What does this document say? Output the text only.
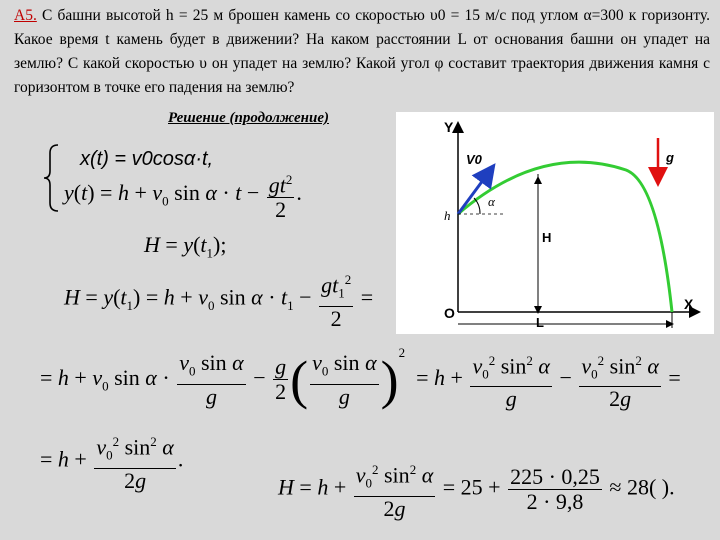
А5. С башни высотой h = 25 м брошен камень со скоростью υ0 = 15 м/с под углом α=300 к горизонту. Какое время t камень будет в движении? На каком расстоянии L от основания башни он упадет на землю? С какой скоростью υ он упадет на землю? Какой угол φ составит траектория движения камня с горизонтом в точке его падения на землю?
Решение (продолжение)
x(t) = v0cosα·t,
$y(t) = h + v_0$ $\sin \alpha \cdot t - \frac{gt^2}{2}$ .
$H = y(t_1)$;
$H = y(t_1) = h + v_0$ $\sin \alpha \cdot t_1 - \frac{gt_1^2}{2}$ =
= $h + v_0$ $\sin \alpha \cdot \frac{v_0 \sin \alpha}{g} - \frac{g}{2}$ ( $\frac{v_0 \sin \alpha}{g} )^2 = h + \frac{v_0^2 \sin^2 \alpha}{g} - \frac{v_0^2 \sin^2 \alpha}{2g}$ =
= $h + \frac{v_0^2 \sin^2 \alpha}{2g}$ .
$H = h + \frac{v_0^2 \sin^2 \alpha}{2g} = 25 + \frac{225 \cdot 0,25}{2 \cdot 9,8} \approx 28$( ).
Y
X
O
V0
h
α
H
g
L
